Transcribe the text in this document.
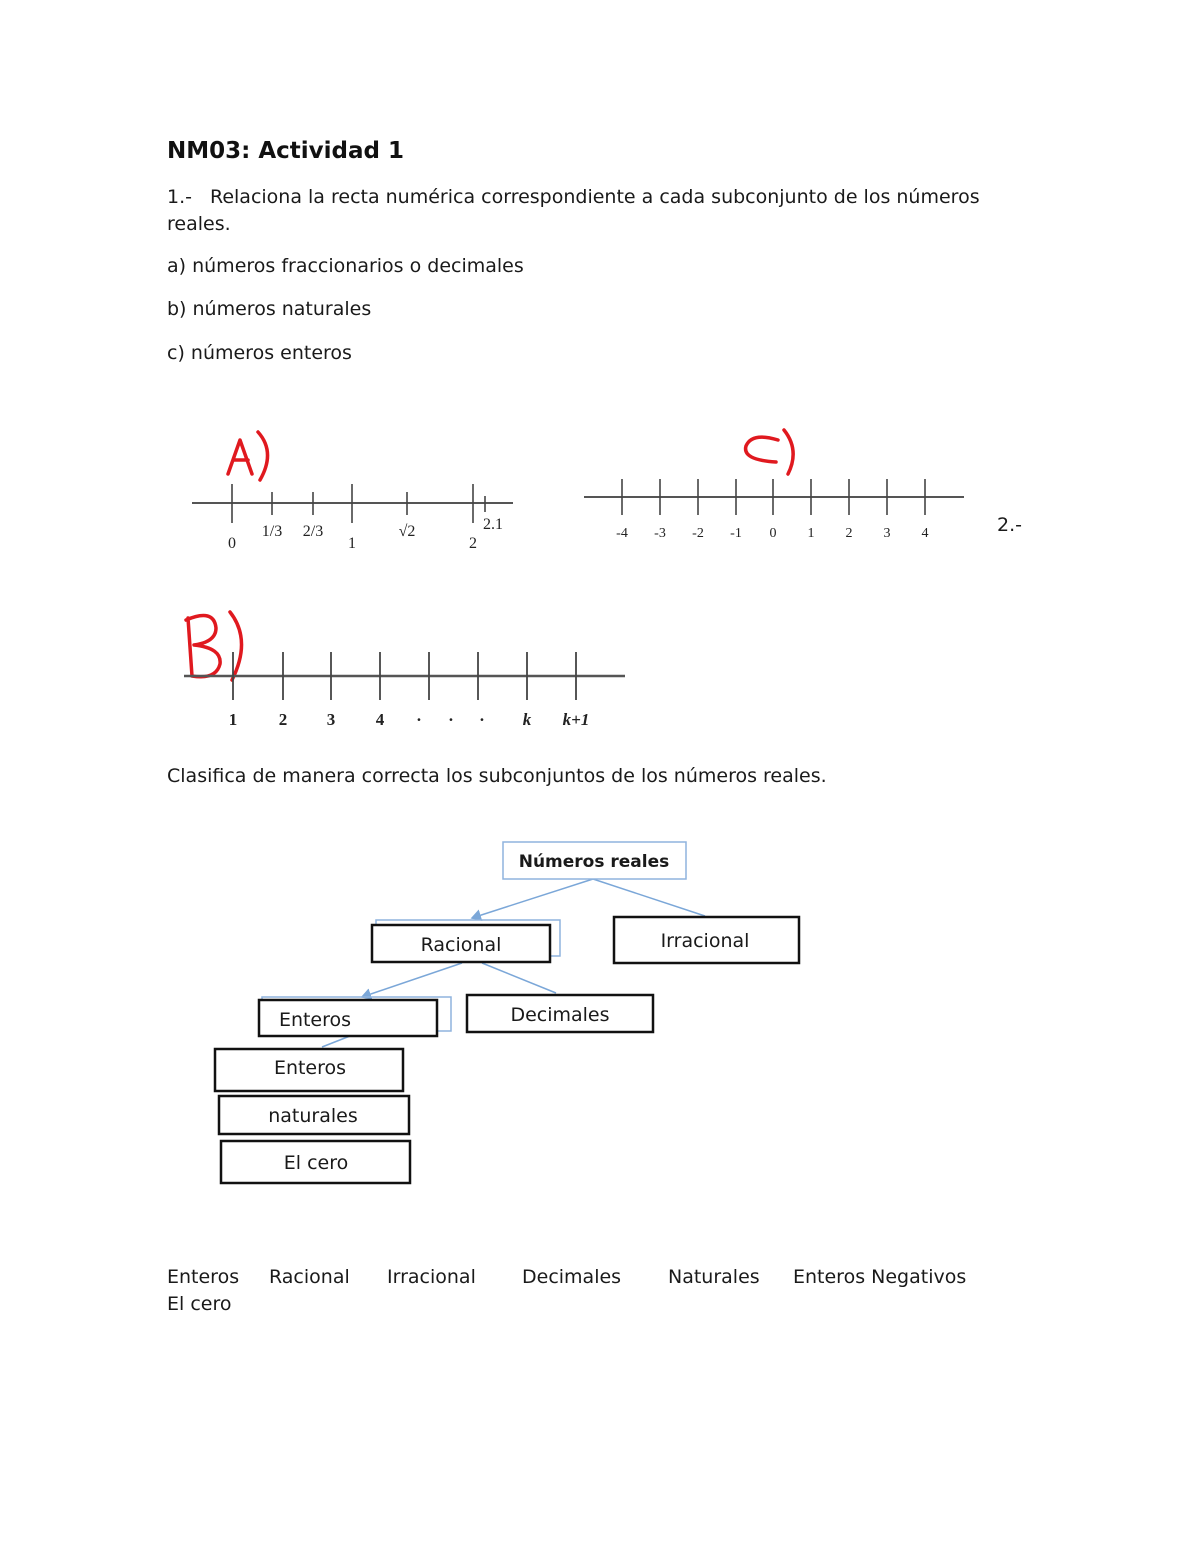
NM03: Actividad 1
1.- Relaciona la recta numérica correspondiente a cada subconjunto de los números reales.
a) números fraccionarios o decimales
b) números naturales
c) números enteros
2.-
Clasifica de manera correcta los subconjuntos de los números reales.
Enteros Racional Irracional Decimales Naturales Enteros Negativos
El cero
0
1/3 2/3
1
√2
2
2.1
-4 -3 -2 -1 0 1 2 3 4
1 2 3 4 · · · k k+1
Números reales
Racional	Irracional
Enteros	Decimales
Enteros
naturales
El cero
